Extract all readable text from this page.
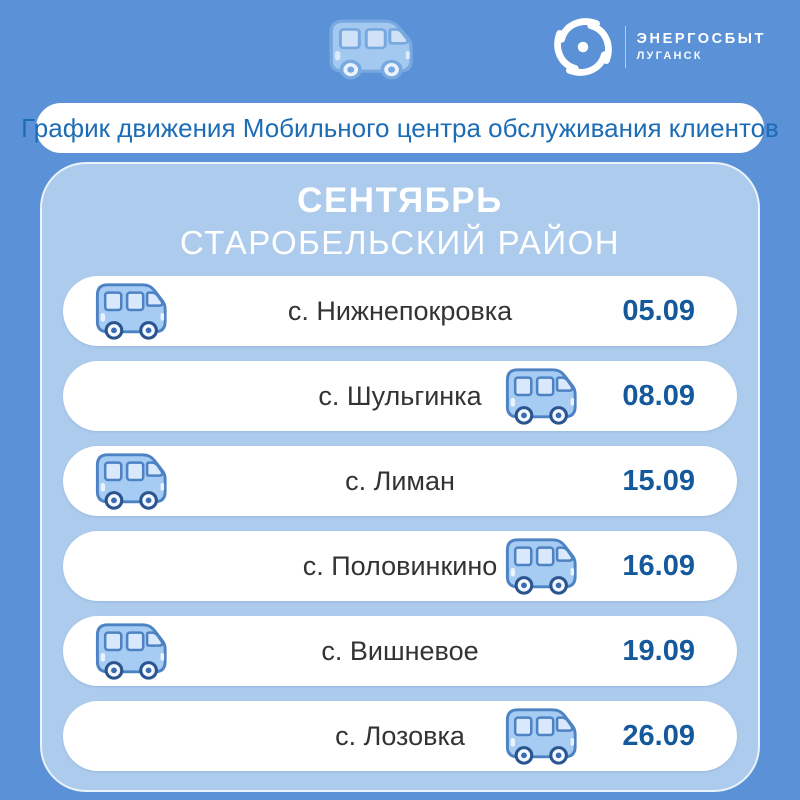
ЭНЕРГОСБЫТ
ЛУГАНСК
График движения Мобильного центра обслуживания клиентов
СЕНТЯБРЬ
СТАРОБЕЛЬСКИЙ РАЙОН
с. Нижнепокровка	05.09
с. Шульгинка	08.09
с. Лиман	15.09
с. Половинкино	16.09
с. Вишневое	19.09
с. Лозовка	26.09
